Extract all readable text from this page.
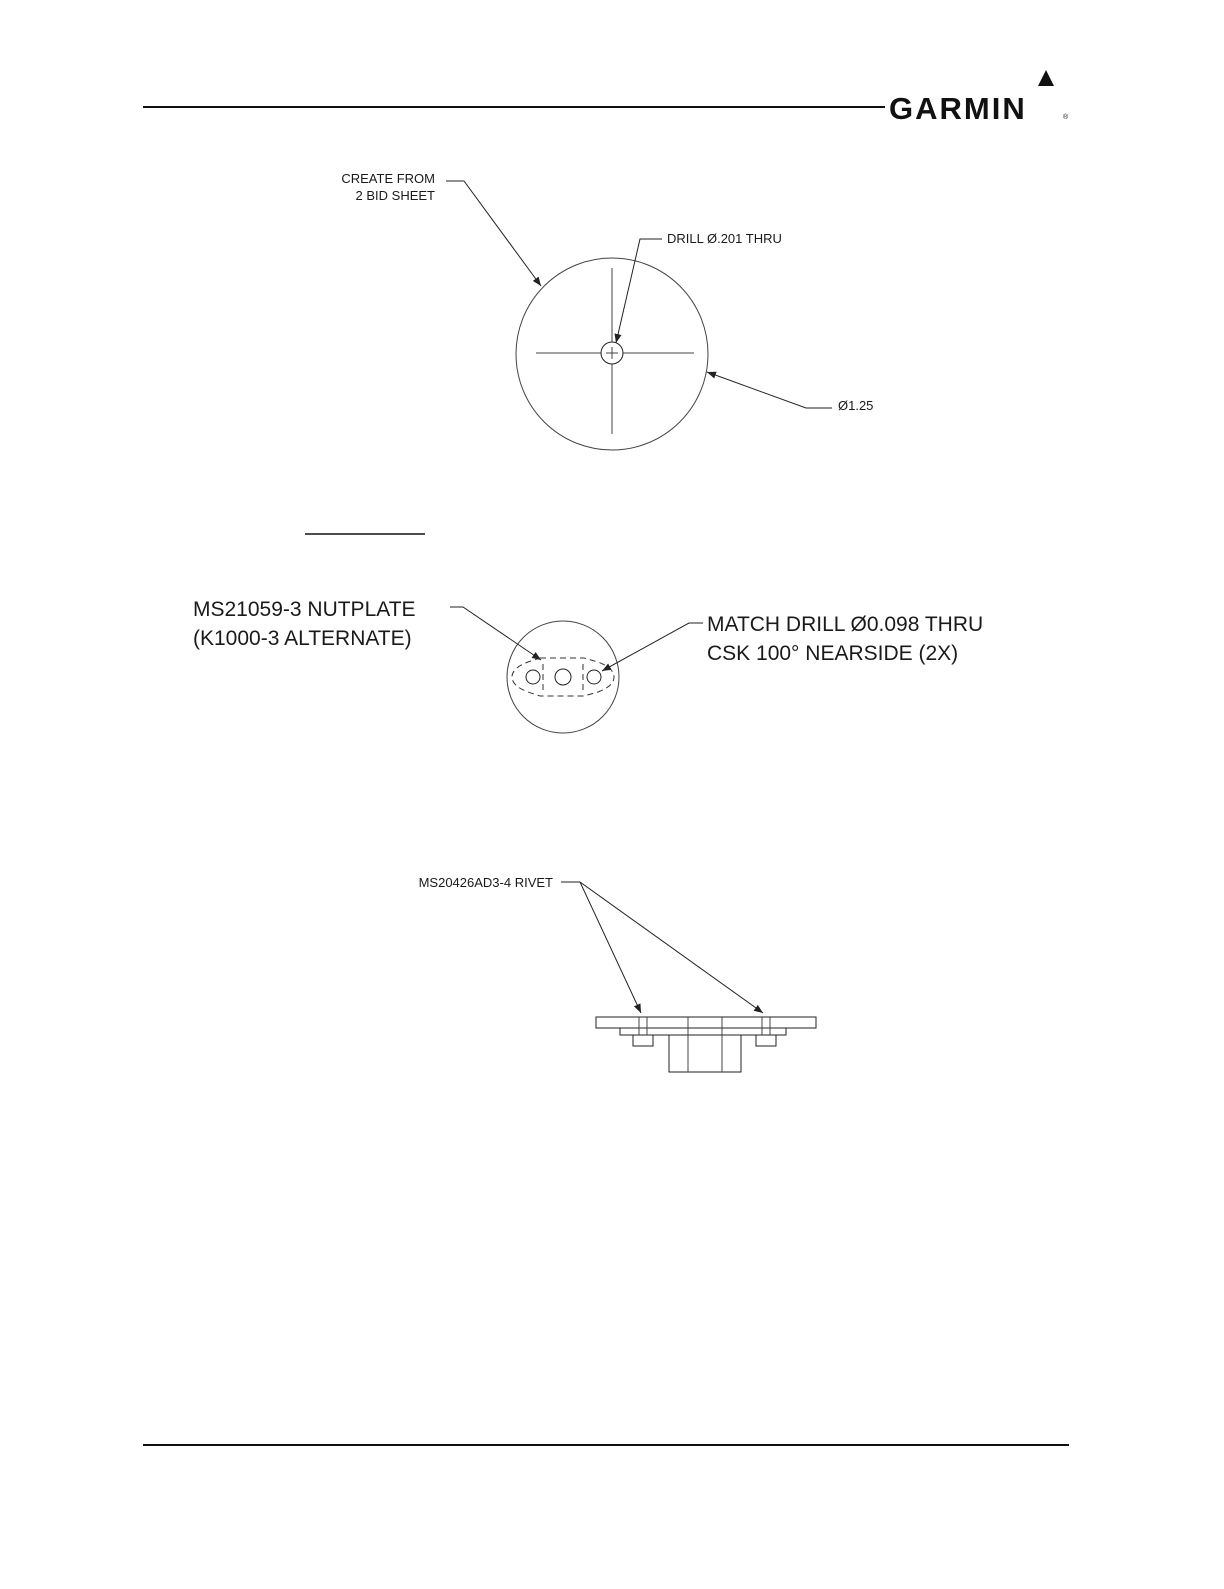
GARMIN	®
CREATE FROM
2 BID SHEET
DRILL Ø.201 THRU
Ø1.25
MS21059-3 NUTPLATE
(K1000-3 ALTERNATE)
MATCH DRILL Ø0.098 THRU
CSK 100° NEARSIDE (2X)
MS20426AD3-4 RIVET
